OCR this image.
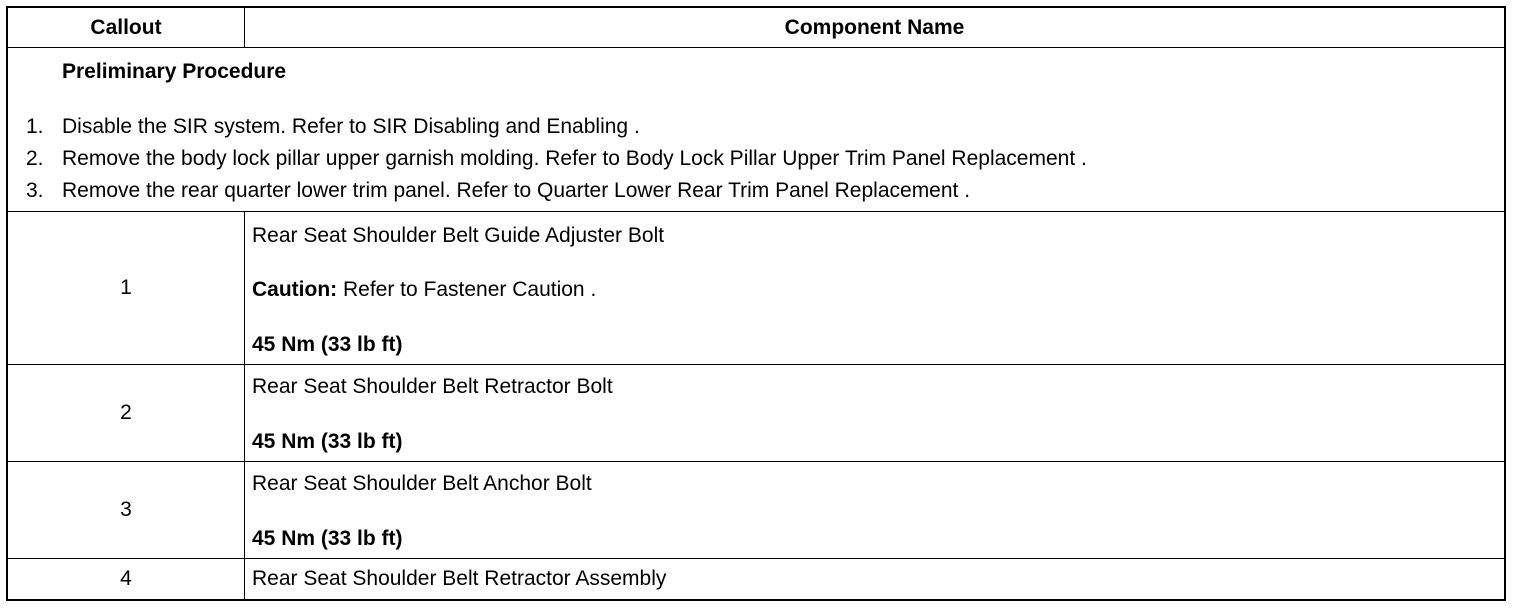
Callout	Component Name
Preliminary Procedure
1. Disable the SIR system. Refer to SIR Disabling and Enabling .
2. Remove the body lock pillar upper garnish molding. Refer to Body Lock Pillar Upper Trim Panel Replacement .
3. Remove the rear quarter lower trim panel. Refer to Quarter Lower Rear Trim Panel Replacement .
1
Rear Seat Shoulder Belt Guide Adjuster Bolt
Caution: Refer to Fastener Caution .
45 Nm (33 lb ft)
2
Rear Seat Shoulder Belt Retractor Bolt
45 Nm (33 lb ft)
3
Rear Seat Shoulder Belt Anchor Bolt
45 Nm (33 lb ft)
4	Rear Seat Shoulder Belt Retractor Assembly
